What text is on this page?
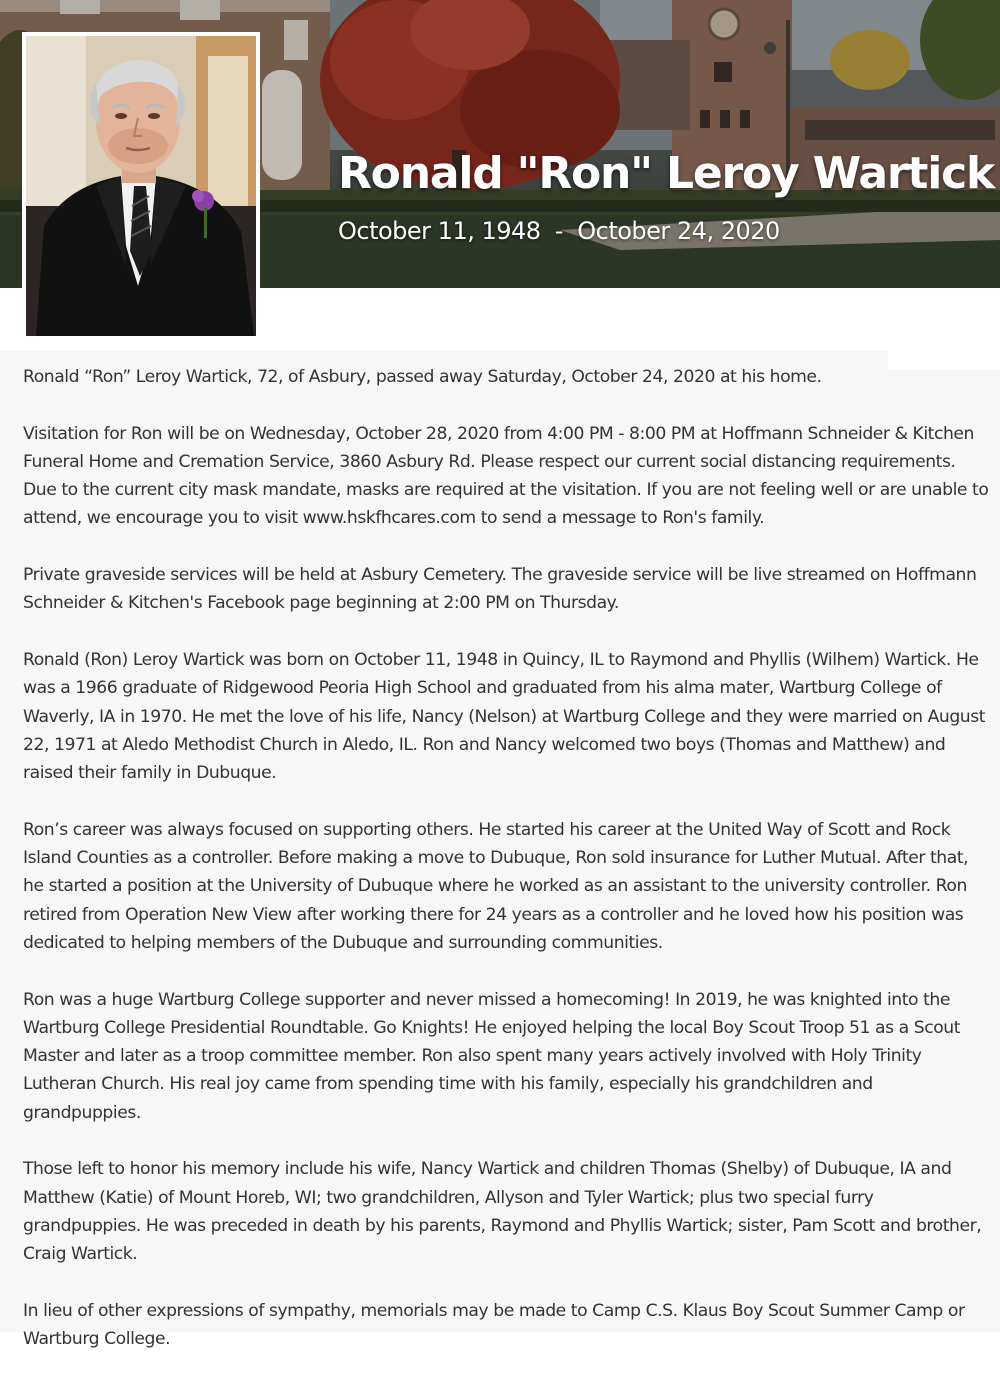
Ronald "Ron" Leroy Wartick
October 11, 1948  -  October 24, 2020

Ronald “Ron” Leroy Wartick, 72, of Asbury, passed away Saturday, October 24, 2020 at his home.

Visitation for Ron will be on Wednesday, October 28, 2020 from 4:00 PM - 8:00 PM at Hoffmann Schneider & Kitchen Funeral Home and Cremation Service, 3860 Asbury Rd. Please respect our current social distancing requirements. Due to the current city mask mandate, masks are required at the visitation. If you are not feeling well or are unable to attend, we encourage you to visit www.hskfhcares.com to send a message to Ron's family.

Private graveside services will be held at Asbury Cemetery. The graveside service will be live streamed on Hoffmann Schneider & Kitchen's Facebook page beginning at 2:00 PM on Thursday.

Ronald (Ron) Leroy Wartick was born on October 11, 1948 in Quincy, IL to Raymond and Phyllis (Wilhem) Wartick. He was a 1966 graduate of Ridgewood Peoria High School and graduated from his alma mater, Wartburg College of Waverly, IA in 1970. He met the love of his life, Nancy (Nelson) at Wartburg College and they were married on August 22, 1971 at Aledo Methodist Church in Aledo, IL. Ron and Nancy welcomed two boys (Thomas and Matthew) and raised their family in Dubuque.

Ron’s career was always focused on supporting others. He started his career at the United Way of Scott and Rock Island Counties as a controller. Before making a move to Dubuque, Ron sold insurance for Luther Mutual. After that, he started a position at the University of Dubuque where he worked as an assistant to the university controller. Ron retired from Operation New View after working there for 24 years as a controller and he loved how his position was dedicated to helping members of the Dubuque and surrounding communities.

Ron was a huge Wartburg College supporter and never missed a homecoming! In 2019, he was knighted into the Wartburg College Presidential Roundtable. Go Knights! He enjoyed helping the local Boy Scout Troop 51 as a Scout Master and later as a troop committee member. Ron also spent many years actively involved with Holy Trinity Lutheran Church. His real joy came from spending time with his family, especially his grandchildren and grandpuppies.

Those left to honor his memory include his wife, Nancy Wartick and children Thomas (Shelby) of Dubuque, IA and Matthew (Katie) of Mount Horeb, WI; two grandchildren, Allyson and Tyler Wartick; plus two special furry grandpuppies. He was preceded in death by his parents, Raymond and Phyllis Wartick; sister, Pam Scott and brother, Craig Wartick.

In lieu of other expressions of sympathy, memorials may be made to Camp C.S. Klaus Boy Scout Summer Camp or Wartburg College.
